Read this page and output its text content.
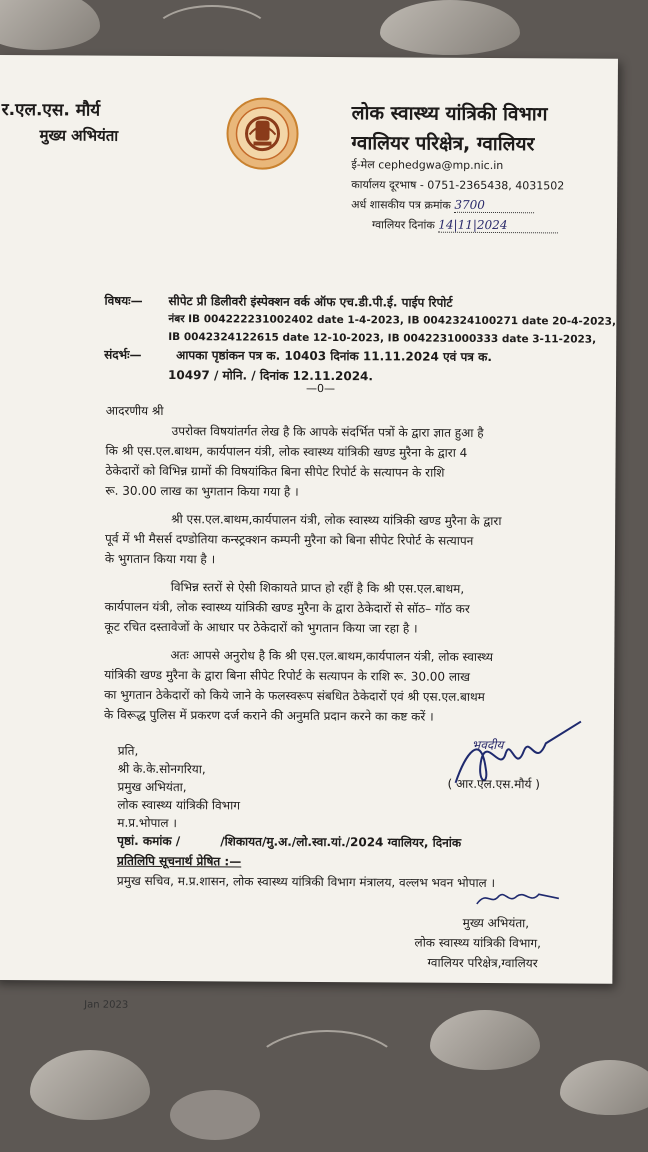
र.एल.एस. मौर्य
मुख्य अभियंता
लोक स्वास्थ्य यांत्रिकी विभाग
ग्वालियर परिक्षेत्र, ग्वालियर
ई-मेल cephedgwa@mp.nic.in
कार्यालय दूरभाष - 0751-2365438, 4031502
अर्ध शासकीय पत्र क्रमांक 3700
ग्वालियर दिनांक 14|11|2024
विषयः— सीपेट प्री डिलीवरी इंस्पेक्शन वर्क ऑफ एच.डी.पी.ई. पाईप रिपोर्ट
नंबर IB 004222231002402 date 1-4-2023, IB 0042324100271 date 20-4-2023,
IB 0042324122615 date 12-10-2023, IB 0042231000333 date 3-11-2023,
संदर्भः—	आपका पृष्ठांकन पत्र क. 10403 दिनांक 11.11.2024 एवं पत्र क.
10497 / मोनि. / दिनांक 12.11.2024.
—0—
आदरणीय श्री
उपरोक्त विषयांतर्गत लेख है कि आपके संदर्भित पत्रों के द्वारा ज्ञात हुआ है
कि श्री एस.एल.बाथम, कार्यपालन यंत्री, लोक स्वास्थ्य यांत्रिकी खण्ड मुरैना के द्वारा 4
ठेकेदारों को विभिन्न ग्रामों की विषयांकित बिना सीपेट रिपोर्ट के सत्यापन के राशि
रू. 30.00 लाख का भुगतान किया गया है ।
श्री एस.एल.बाथम,कार्यपालन यंत्री, लोक स्वास्थ्य यांत्रिकी खण्ड मुरैना के द्वारा
पूर्व में भी मैसर्स दण्डोतिया कन्स्ट्रक्शन कम्पनी मुरैना को बिना सीपेट रिपोर्ट के सत्यापन
के भुगतान किया गया है ।
विभिन्न स्तरों से ऐसी शिकायते प्राप्त हो रहीं है कि श्री एस.एल.बाथम,
कार्यपालन यंत्री, लोक स्वास्थ्य यांत्रिकी खण्ड मुरैना के द्वारा ठेकेदारों से सॉठ– गॉठ कर
कूट रचित दस्तावेजों के आधार पर ठेकेदारों को भुगतान किया जा रहा है ।
अतः आपसे अनुरोध है कि श्री एस.एल.बाथम,कार्यपालन यंत्री, लोक स्वास्थ्य
यांत्रिकी खण्ड मुरैना के द्वारा बिना सीपेट रिपोर्ट के सत्यापन के राशि रू. 30.00 लाख
का भुगतान ठेकेदारों को किये जाने के फलस्वरूप संबधित ठेकेदारों एवं श्री एस.एल.बाथम
के विरूद्ध पुलिस में प्रकरण दर्ज कराने की अनुमति प्रदान करने का कष्ट करें ।
प्रति,
श्री के.के.सोनगरिया,
प्रमुख अभियंता,
लोक स्वास्थ्य यांत्रिकी विभाग
म.प्र.भोपाल ।
भवदीय
( आर.एल.एस.मौर्य )
पृष्ठां. कमांक /	/शिकायत/मु.अ./लो.स्वा.यां./2024 ग्वालियर, दिनांक
प्रतिलिपि सूचनार्थ प्रेषित :—
प्रमुख सचिव, म.प्र.शासन, लोक स्वास्थ्य यांत्रिकी विभाग मंत्रालय, वल्लभ भवन भोपाल ।
मुख्य अभियंता,
लोक स्वास्थ्य यांत्रिकी विभाग,
ग्वालियर परिक्षेत्र,ग्वालियर
Jan 2023
